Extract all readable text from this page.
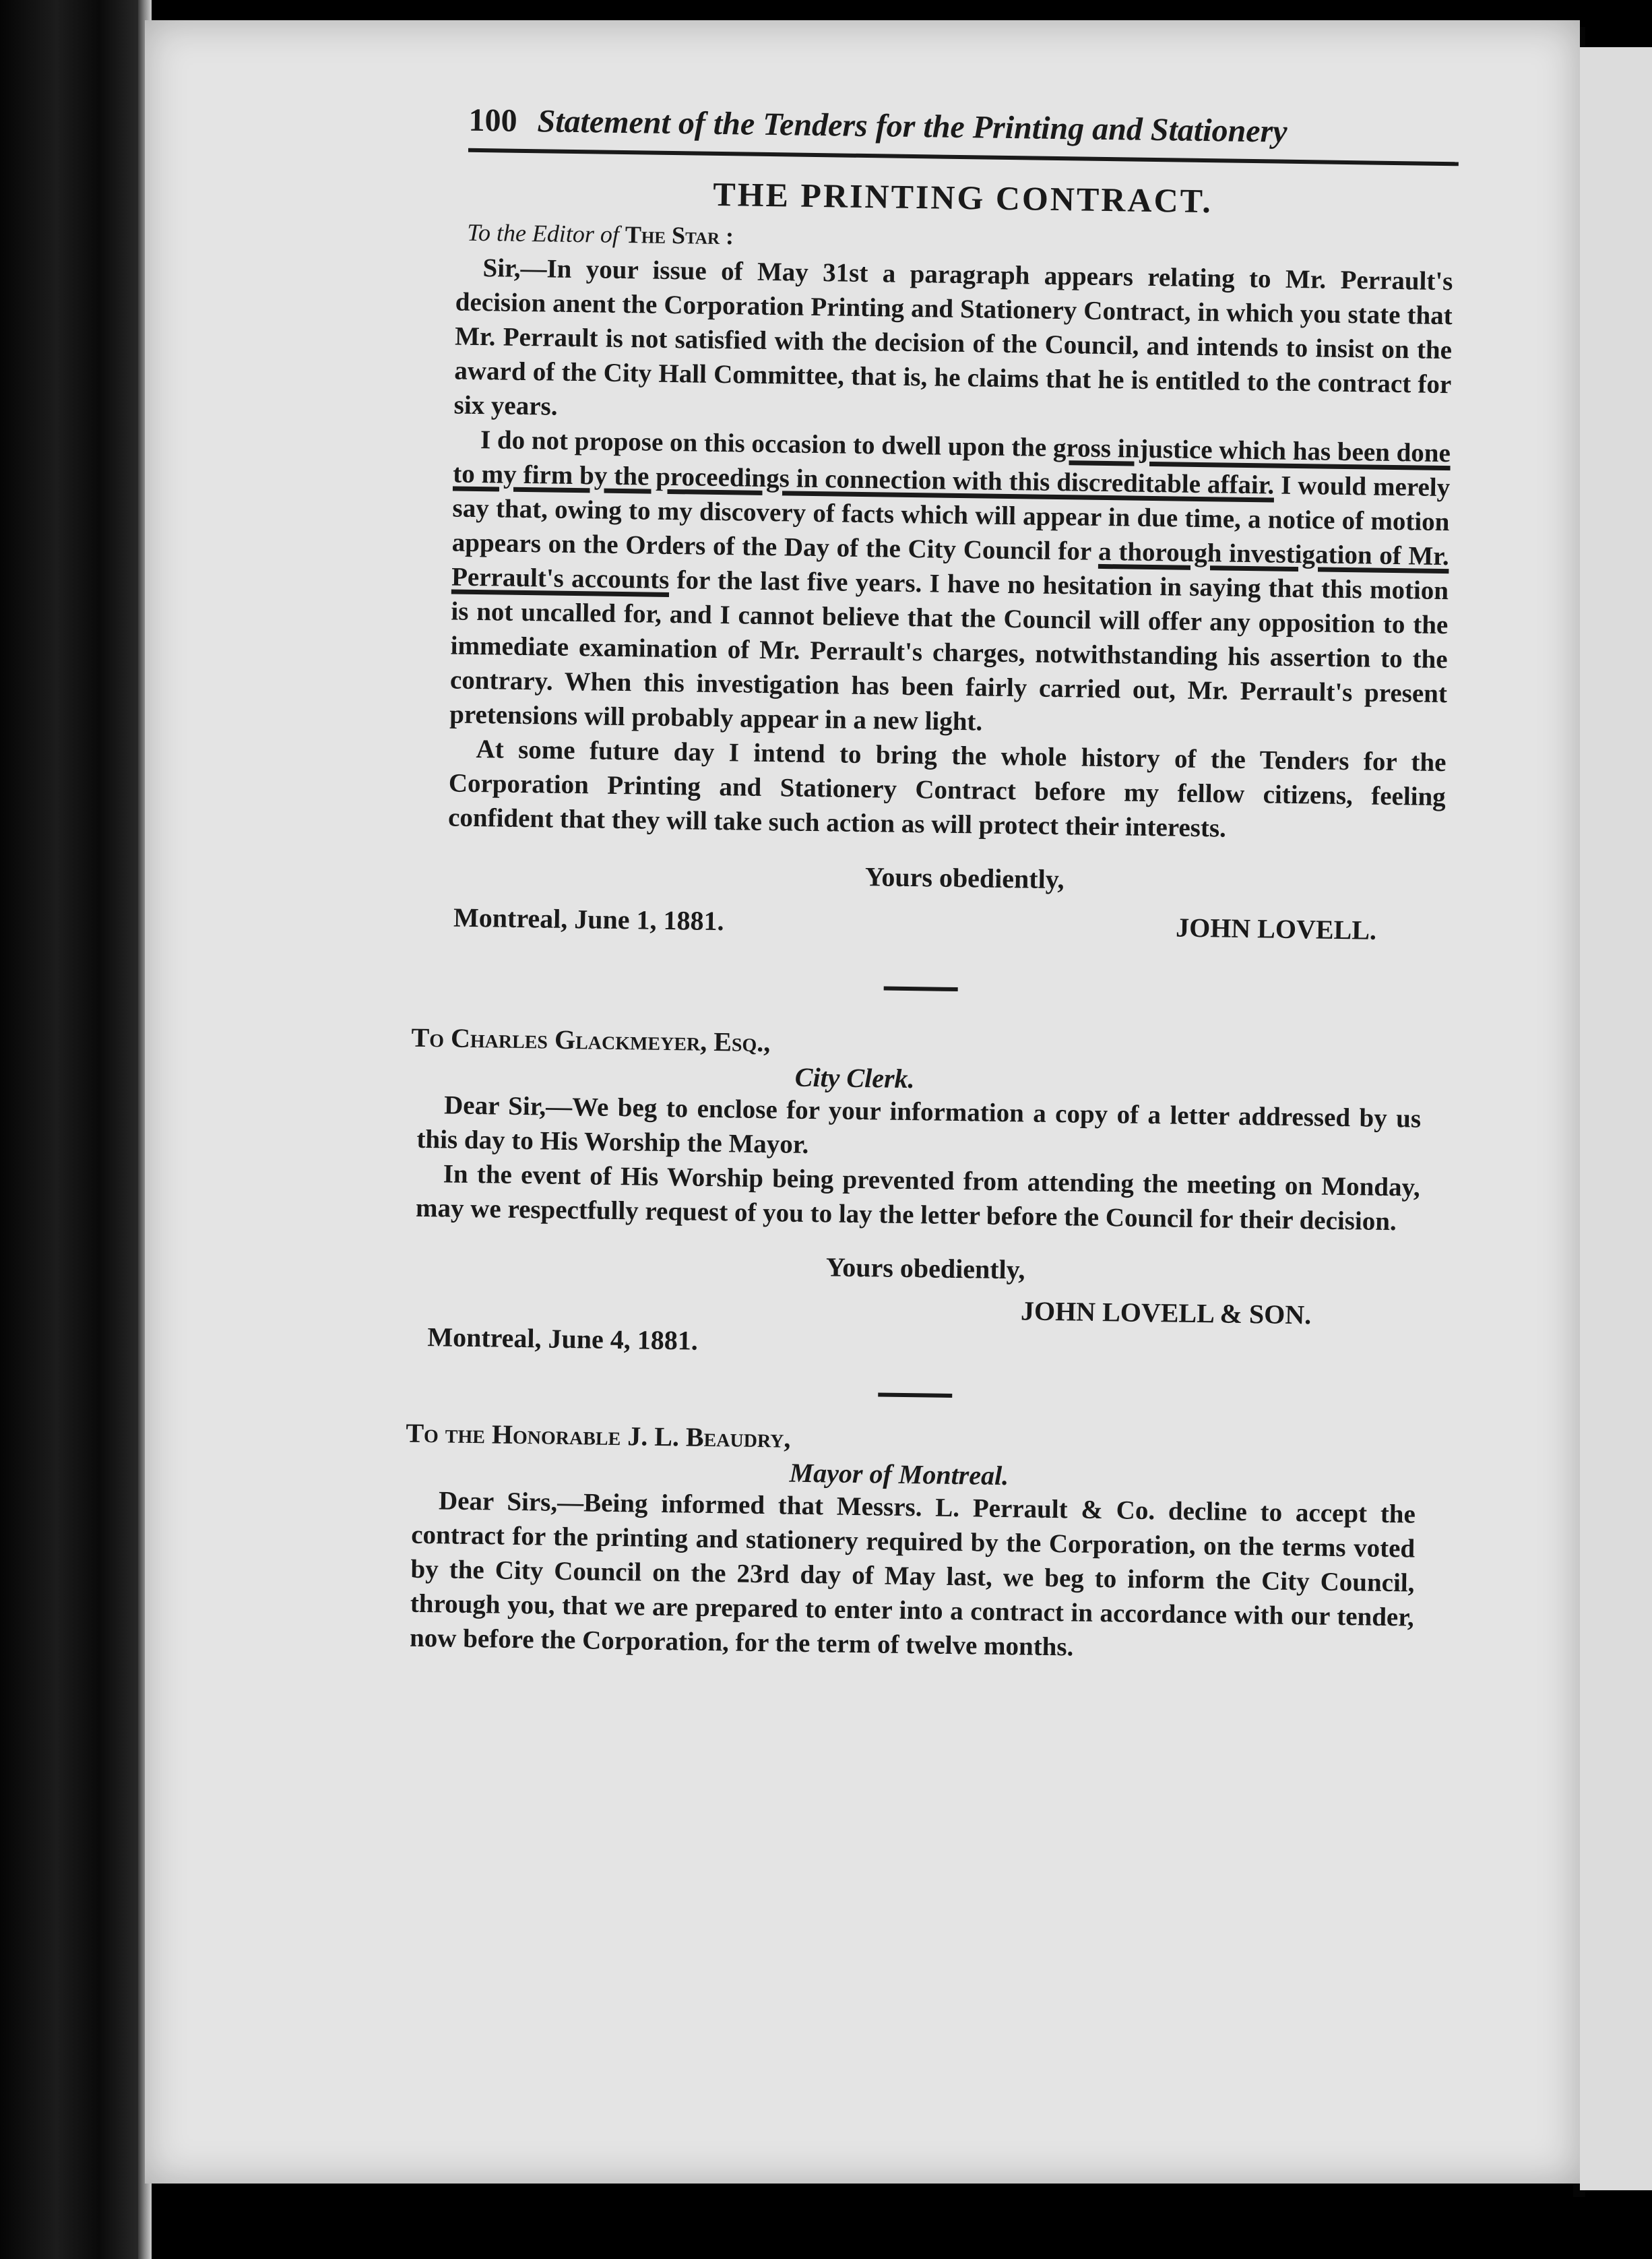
100 Statement of the Tenders for the Printing and Stationery
THE PRINTING CONTRACT.
To the Editor of The Star :

Sir,—In your issue of May 31st a paragraph appears relating to Mr. Perrault's decision anent the Corporation Printing and Stationery Contract, in which you state that Mr. Perrault is not satisfied with the decision of the Council, and intends to insist on the award of the City Hall Committee, that is, he claims that he is entitled to the contract for six years.

I do not propose on this occasion to dwell upon the gross injustice which has been done to my firm by the proceedings in connection with this discreditable affair. I would merely say that, owing to my discovery of facts which will appear in due time, a notice of motion appears on the Orders of the Day of the City Council for a thorough investigation of Mr. Perrault's accounts for the last five years. I have no hesitation in saying that this motion is not uncalled for, and I cannot believe that the Council will offer any opposition to the immediate examination of Mr. Perrault's charges, notwithstanding his assertion to the contrary. When this investigation has been fairly carried out, Mr. Perrault's present pretensions will probably appear in a new light.

At some future day I intend to bring the whole history of the Tenders for the Corporation Printing and Stationery Contract before my fellow citizens, feeling confident that they will take such action as will protect their interests.

Yours obediently,
Montreal, June 1, 1881.	JOHN LOVELL.
To Charles Glackmeyer, Esq.,
City Clerk.

Dear Sir,—We beg to enclose for your information a copy of a letter addressed by us this day to His Worship the Mayor.

In the event of His Worship being prevented from attending the meeting on Monday, may we respectfully request of you to lay the letter before the Council for their decision.

Yours obediently,
JOHN LOVELL & SON.
Montreal, June 4, 1881.
To the Honorable J. L. Beaudry,
Mayor of Montreal.

Dear Sirs,—Being informed that Messrs. L. Perrault & Co. decline to accept the contract for the printing and stationery required by the Corporation, on the terms voted by the City Council on the 23rd day of May last, we beg to inform the City Council, through you, that we are prepared to enter into a contract in accordance with our tender, now before the Corporation, for the term of twelve months.
